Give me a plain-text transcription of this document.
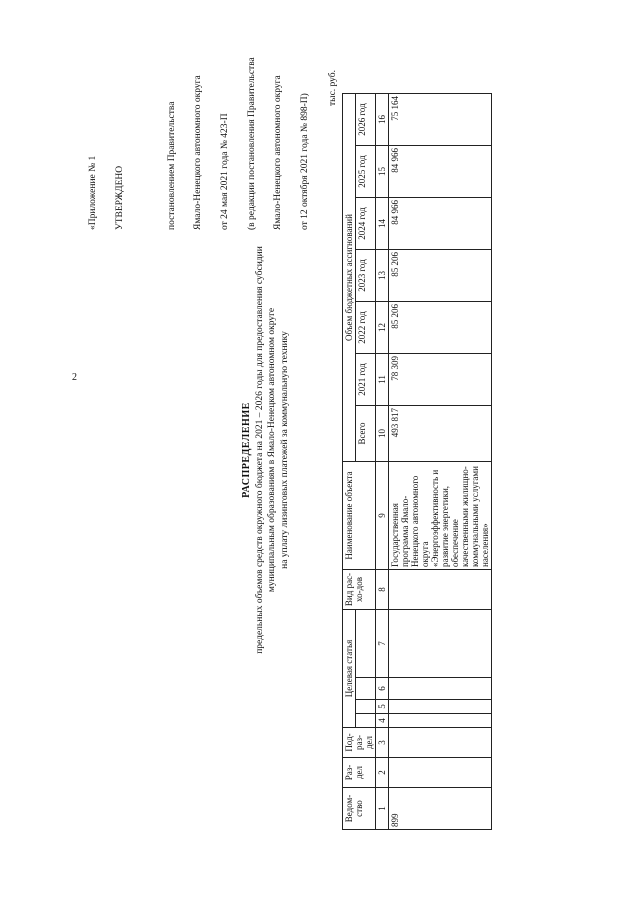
2

«Приложение № 1 УТВЕРЖДЕНО	постановлением Правительства Ямало-Ненецкого автономного округа от 24 мая 2021 года № 423-П (в редакции постановления Правительства Ямало-Ненецкого автономного округа от 12 октября 2021 года № 898-П)

РАСПРЕДЕЛЕНИЕ предельных объемов средств окружного бюджета на 2021 – 2026 годы для предоставления субсидии муниципальным образованиям в Ямало-Ненецком автономном округе на уплату лизинговых платежей за коммунальную технику
тыс. руб.
Ведом-ство	Раз-дел	Под-раз-дел	Целевая статья				Вид рас-хо-дов	Наименование объекта	Объем бюджетных ассигнований						
									Всего	2021 год	2022 год	2023 год	2024 год	2025 год	2026 год

1	2	3	4	5	6	7	8	9	10	11	12	13	14	15	16
899								Государственная программа Ямало-Ненецкого автономного округа «Энергоэффективность и развитие энергетики, обеспечение качественными жилищно-коммунальными услугами населения»	493 817	78 309	85 206	85 206	84 966	84 966	75 164
